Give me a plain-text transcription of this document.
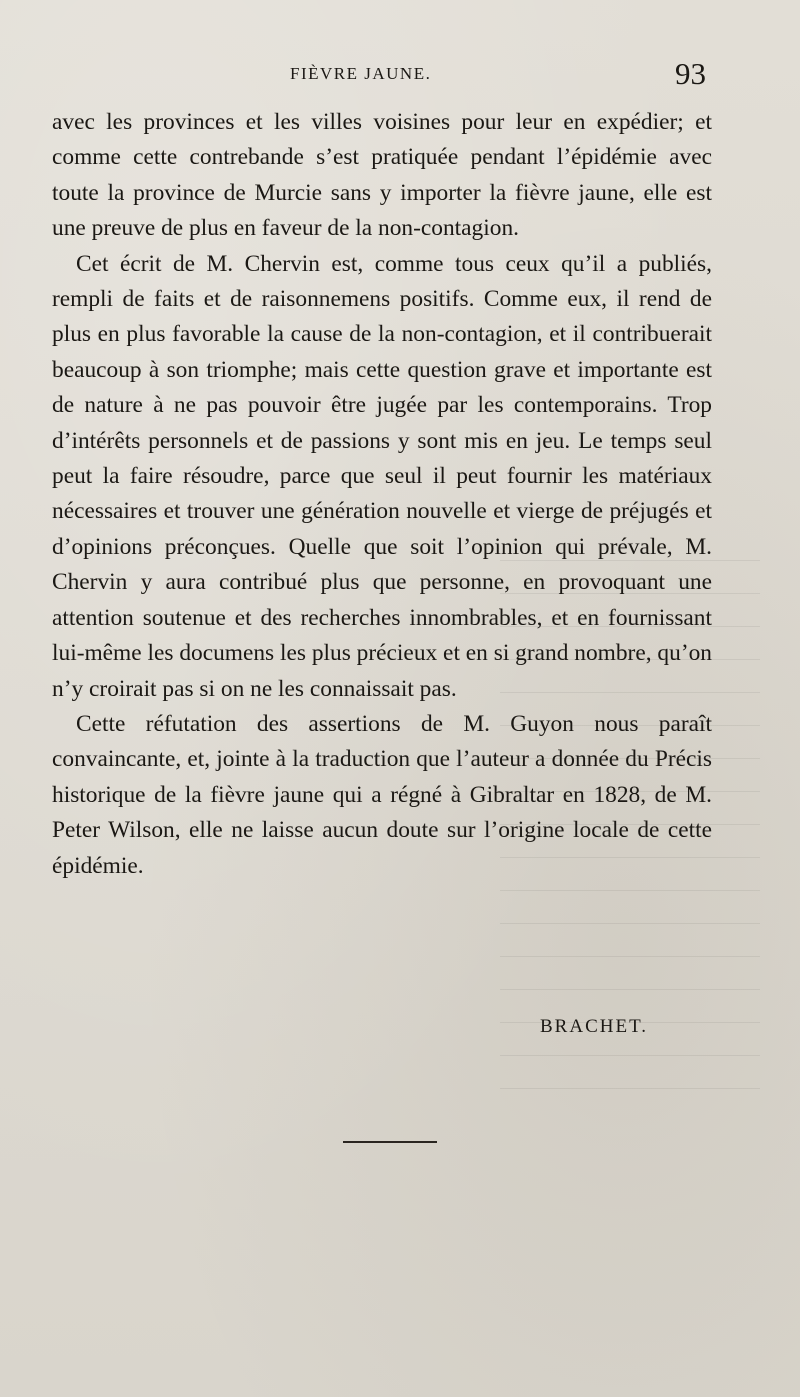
FIÈVRE JAUNE.	93

avec les provinces et les villes voisines pour leur en expédier; et comme cette contrebande s’est pratiquée pendant l’épidémie avec toute la province de Murcie sans y importer la fièvre jaune, elle est une preuve de plus en faveur de la non-contagion.

Cet écrit de M. Chervin est, comme tous ceux qu’il a publiés, rempli de faits et de raisonnemens positifs. Comme eux, il rend de plus en plus favorable la cause de la non-contagion, et il contribuerait beaucoup à son triomphe; mais cette question grave et importante est de nature à ne pas pouvoir être jugée par les contemporains. Trop d’intérêts personnels et de passions y sont mis en jeu. Le temps seul peut la faire résoudre, parce que seul il peut fournir les matériaux nécessaires et trouver une génération nouvelle et vierge de préjugés et d’opinions préconçues. Quelle que soit l’opinion qui prévale, M. Chervin y aura contribué plus que personne, en provoquant une attention soutenue et des recherches innombrables, et en fournissant lui-même les documens les plus précieux et en si grand nombre, qu’on n’y croirait pas si on ne les connaissait pas.

Cette réfutation des assertions de M. Guyon nous paraît convaincante, et, jointe à la traduction que l’auteur a donnée du Précis historique de la fièvre jaune qui a régné à Gibraltar en 1828, de M. Peter Wilson, elle ne laisse aucun doute sur l’origine locale de cette épidémie.

BRACHET.
